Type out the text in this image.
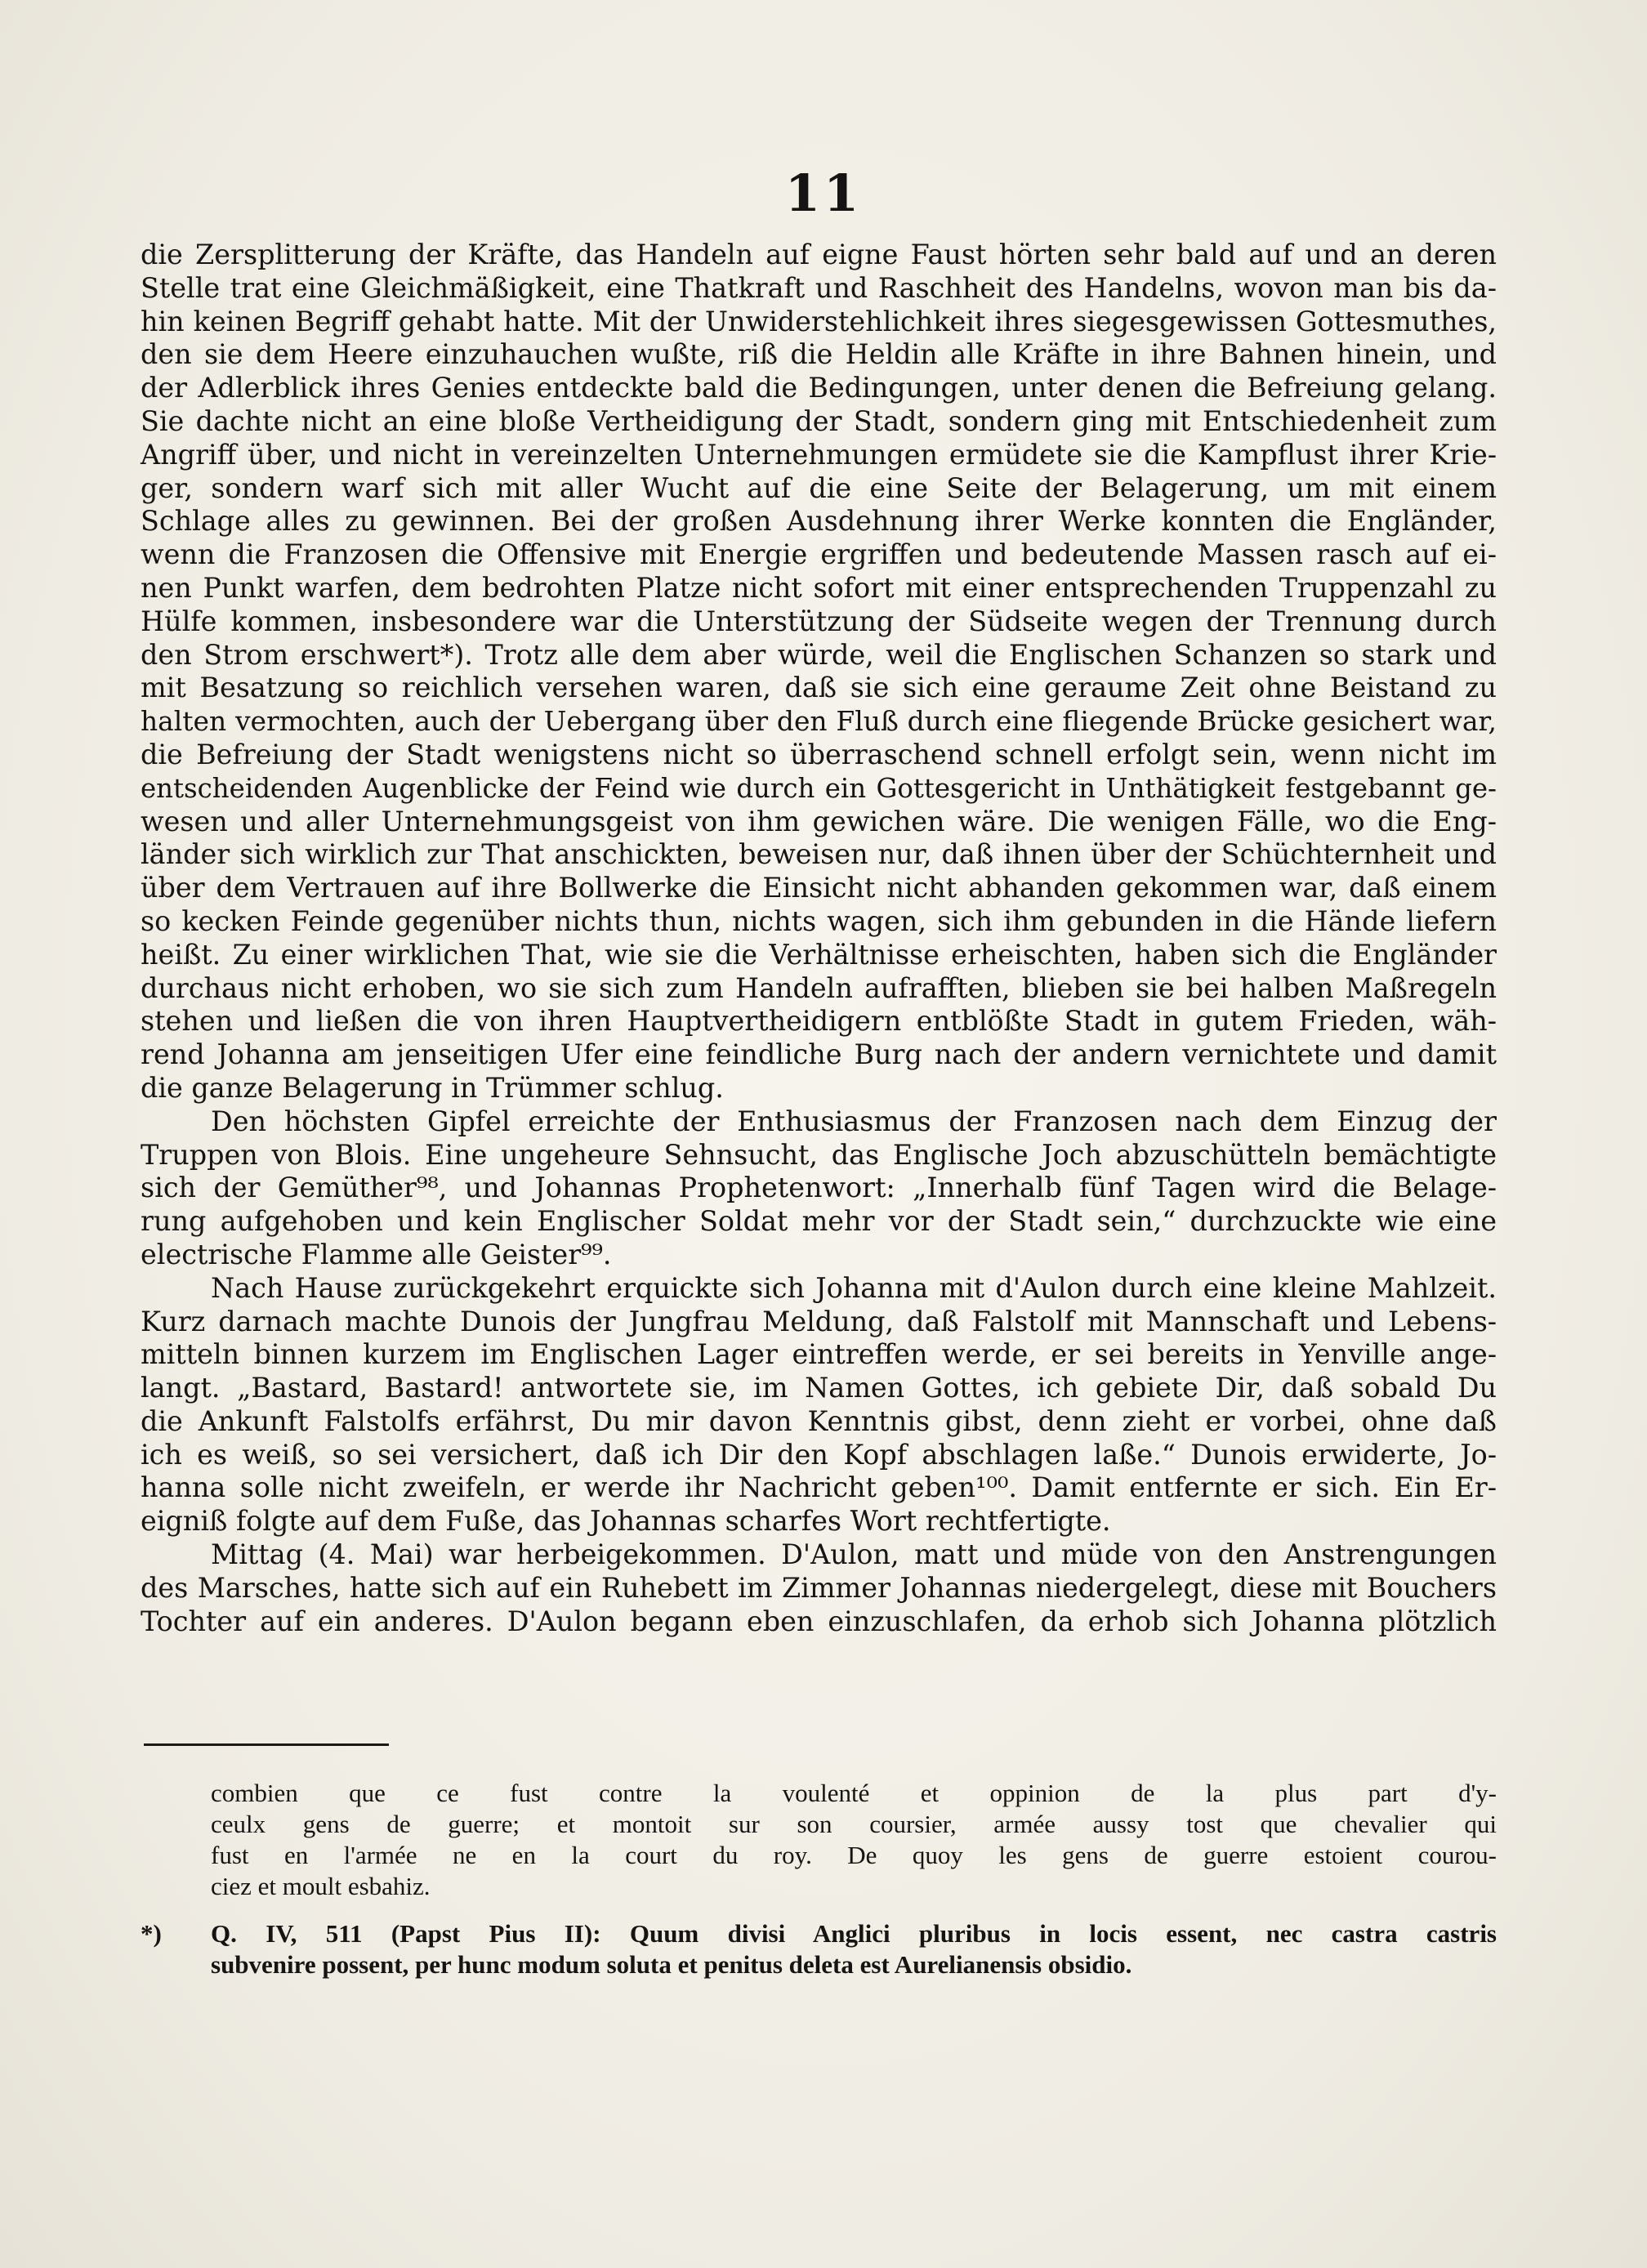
11
die Zersplitterung der Kräfte, das Handeln auf eigne Faust hörten sehr bald auf und an deren
Stelle trat eine Gleichmäßigkeit, eine Thatkraft und Raschheit des Handelns, wovon man bis da-
hin keinen Begriff gehabt hatte. Mit der Unwiderstehlichkeit ihres siegesgewissen Gottesmuthes,
den sie dem Heere einzuhauchen wußte, riß die Heldin alle Kräfte in ihre Bahnen hinein, und
der Adlerblick ihres Genies entdeckte bald die Bedingungen, unter denen die Befreiung gelang.
Sie dachte nicht an eine bloße Vertheidigung der Stadt, sondern ging mit Entschiedenheit zum
Angriff über, und nicht in vereinzelten Unternehmungen ermüdete sie die Kampflust ihrer Krie-
ger, sondern warf sich mit aller Wucht auf die eine Seite der Belagerung, um mit einem
Schlage alles zu gewinnen. Bei der großen Ausdehnung ihrer Werke konnten die Engländer,
wenn die Franzosen die Offensive mit Energie ergriffen und bedeutende Massen rasch auf ei-
nen Punkt warfen, dem bedrohten Platze nicht sofort mit einer entsprechenden Truppenzahl zu
Hülfe kommen, insbesondere war die Unterstützung der Südseite wegen der Trennung durch
den Strom erschwert*). Trotz alle dem aber würde, weil die Englischen Schanzen so stark und
mit Besatzung so reichlich versehen waren, daß sie sich eine geraume Zeit ohne Beistand zu
halten vermochten, auch der Uebergang über den Fluß durch eine fliegende Brücke gesichert war,
die Befreiung der Stadt wenigstens nicht so überraschend schnell erfolgt sein, wenn nicht im
entscheidenden Augenblicke der Feind wie durch ein Gottesgericht in Unthätigkeit festgebannt ge-
wesen und aller Unternehmungsgeist von ihm gewichen wäre. Die wenigen Fälle, wo die Eng-
länder sich wirklich zur That anschickten, beweisen nur, daß ihnen über der Schüchternheit und
über dem Vertrauen auf ihre Bollwerke die Einsicht nicht abhanden gekommen war, daß einem
so kecken Feinde gegenüber nichts thun, nichts wagen, sich ihm gebunden in die Hände liefern
heißt. Zu einer wirklichen That, wie sie die Verhältnisse erheischten, haben sich die Engländer
durchaus nicht erhoben, wo sie sich zum Handeln aufrafften, blieben sie bei halben Maßregeln
stehen und ließen die von ihren Hauptvertheidigern entblößte Stadt in gutem Frieden, wäh-
rend Johanna am jenseitigen Ufer eine feindliche Burg nach der andern vernichtete und damit
die ganze Belagerung in Trümmer schlug.
Den höchsten Gipfel erreichte der Enthusiasmus der Franzosen nach dem Einzug der
Truppen von Blois. Eine ungeheure Sehnsucht, das Englische Joch abzuschütteln bemächtigte
sich der Gemüther⁹⁸, und Johannas Prophetenwort: „Innerhalb fünf Tagen wird die Belage-
rung aufgehoben und kein Englischer Soldat mehr vor der Stadt sein,“ durchzuckte wie eine
electrische Flamme alle Geister⁹⁹.
Nach Hause zurückgekehrt erquickte sich Johanna mit d'Aulon durch eine kleine Mahlzeit.
Kurz darnach machte Dunois der Jungfrau Meldung, daß Falstolf mit Mannschaft und Lebens-
mitteln binnen kurzem im Englischen Lager eintreffen werde, er sei bereits in Yenville ange-
langt. „Bastard, Bastard! antwortete sie, im Namen Gottes, ich gebiete Dir, daß sobald Du
die Ankunft Falstolfs erfährst, Du mir davon Kenntnis gibst, denn zieht er vorbei, ohne daß
ich es weiß, so sei versichert, daß ich Dir den Kopf abschlagen laße.“ Dunois erwiderte, Jo-
hanna solle nicht zweifeln, er werde ihr Nachricht geben¹⁰⁰. Damit entfernte er sich. Ein Er-
eigniß folgte auf dem Fuße, das Johannas scharfes Wort rechtfertigte.
Mittag (4. Mai) war herbeigekommen. D'Aulon, matt und müde von den Anstrengungen
des Marsches, hatte sich auf ein Ruhebett im Zimmer Johannas niedergelegt, diese mit Bouchers
Tochter auf ein anderes. D'Aulon begann eben einzuschlafen, da erhob sich Johanna plötzlich
combien que ce fust contre la voulenté et oppinion de la plus part d'y-
ceulx gens de guerre; et montoit sur son coursier, armée aussy tost que chevalier qui
fust en l'armée ne en la court du roy. De quoy les gens de guerre estoient courou-
ciez et moult esbahiz.
*) Q. IV, 511 (Papst Pius II): Quum divisi Anglici pluribus in locis essent, nec castra castris
subvenire possent, per hunc modum soluta et penitus deleta est Aurelianensis obsidio.
